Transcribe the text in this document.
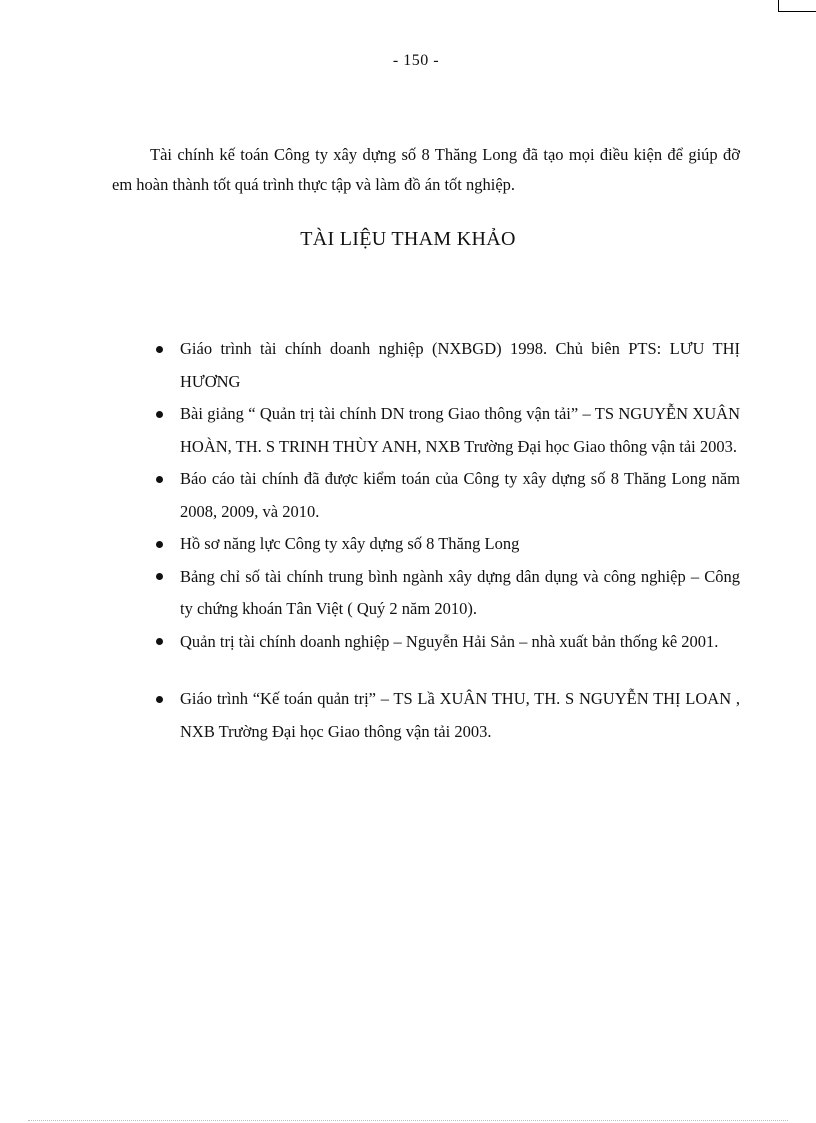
- 150 -

Tài chính kế toán Công ty xây dựng số 8 Thăng Long đã tạo mọi điều kiện để giúp đỡ em hoàn thành tốt quá trình thực tập và làm đồ án tốt nghiệp.

TÀI LIỆU THAM KHẢO
Giáo trình tài chính doanh nghiệp (NXBGD) 1998. Chủ biên PTS: LƯU THỊ HƯƠNG
Bài giảng “ Quản trị tài chính DN trong Giao thông vận tải” – TS NGUYỄN XUÂN HOÀN, TH. S TRINH THÙY ANH, NXB Trường Đại học Giao thông vận tải 2003.
Báo cáo tài chính đã được kiểm toán của Công ty xây dựng số 8 Thăng Long năm 2008, 2009, và 2010.
Hồ sơ năng lực Công ty xây dựng số 8 Thăng Long
Bảng chỉ số tài chính trung bình ngành xây dựng dân dụng và công nghiệp – Công ty chứng khoán Tân Việt ( Quý 2 năm 2010).
Quản trị tài chính doanh nghiệp – Nguyễn Hải Sản – nhà xuất bản thống kê 2001.
Giáo trình “Kế toán quản trị” – TS Lầ XUÂN THU, TH. S NGUYỄN THỊ LOAN , NXB Trường Đại học Giao thông vận tải 2003.
